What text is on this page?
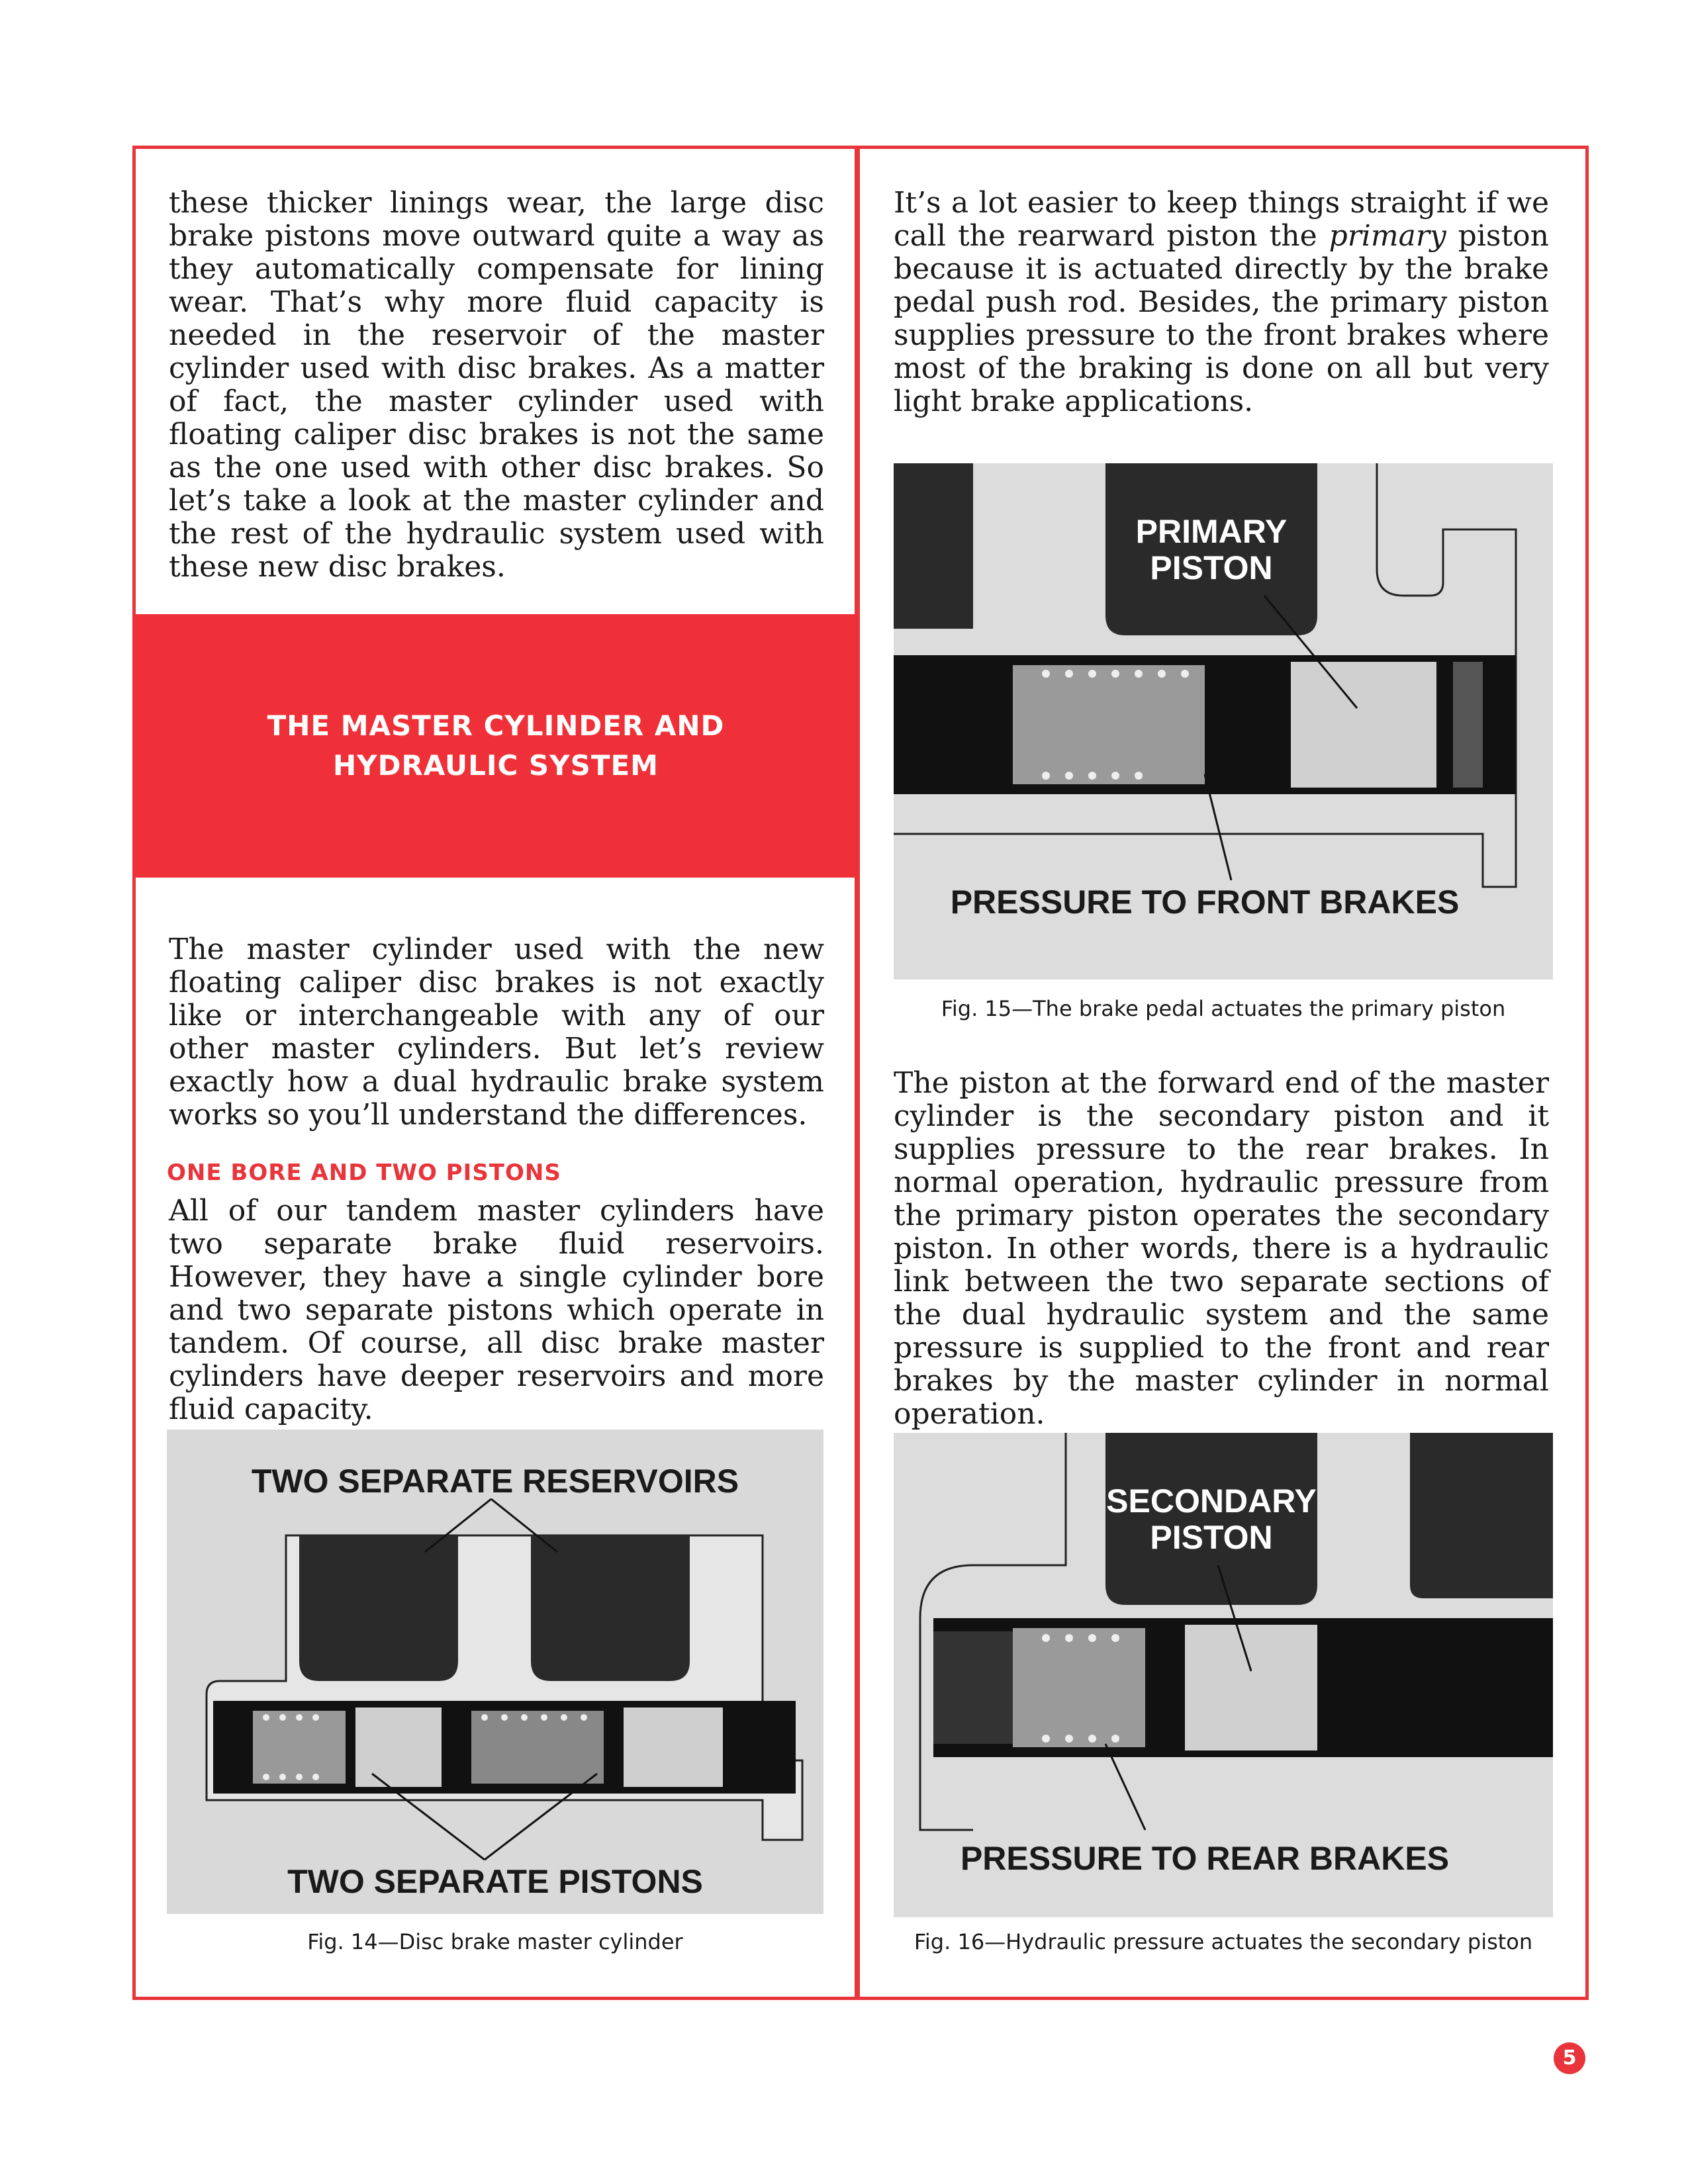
these thicker linings wear, the large disc brake pistons move outward quite a way as they automatically compensate for lining wear. That’s why more fluid capacity is needed in the reservoir of the master cylinder used with disc brakes. As a matter of fact, the master cylinder used with floating caliper disc brakes is not the same as the one used with other disc brakes. So let’s take a look at the master cylinder and the rest of the hydraulic system used with these new disc brakes.

THE MASTER CYLINDER AND HYDRAULIC SYSTEM

The master cylinder used with the new floating caliper disc brakes is not exactly like or interchangeable with any of our other master cylinders. But let’s review exactly how a dual hydraulic brake system works so you’ll understand the differences.

ONE BORE AND TWO PISTONS

All of our tandem master cylinders have two separate brake fluid reservoirs. However, they have a single cylinder bore and two separate pistons which operate in tandem. Of course, all disc brake master cylinders have deeper reservoirs and more fluid capacity.

TWO SEPARATE RESERVOIRS
TWO SEPARATE PISTONS

Fig. 14—Disc brake master cylinder

It’s a lot easier to keep things straight if we call the rearward piston the primary piston because it is actuated directly by the brake pedal push rod. Besides, the primary piston supplies pressure to the front brakes where most of the braking is done on all but very light brake applications.

PRIMARY
PISTON
PRESSURE TO FRONT BRAKES

Fig. 15—The brake pedal actuates the primary piston

The piston at the forward end of the master cylinder is the secondary piston and it supplies pressure to the rear brakes. In normal operation, hydraulic pressure from the primary piston operates the secondary piston. In other words, there is a hydraulic link between the two separate sections of the dual hydraulic system and the same pressure is supplied to the front and rear brakes by the master cylinder in normal operation.

SECONDARY
PISTON
PRESSURE TO REAR BRAKES

Fig. 16—Hydraulic pressure actuates the secondary piston

5
